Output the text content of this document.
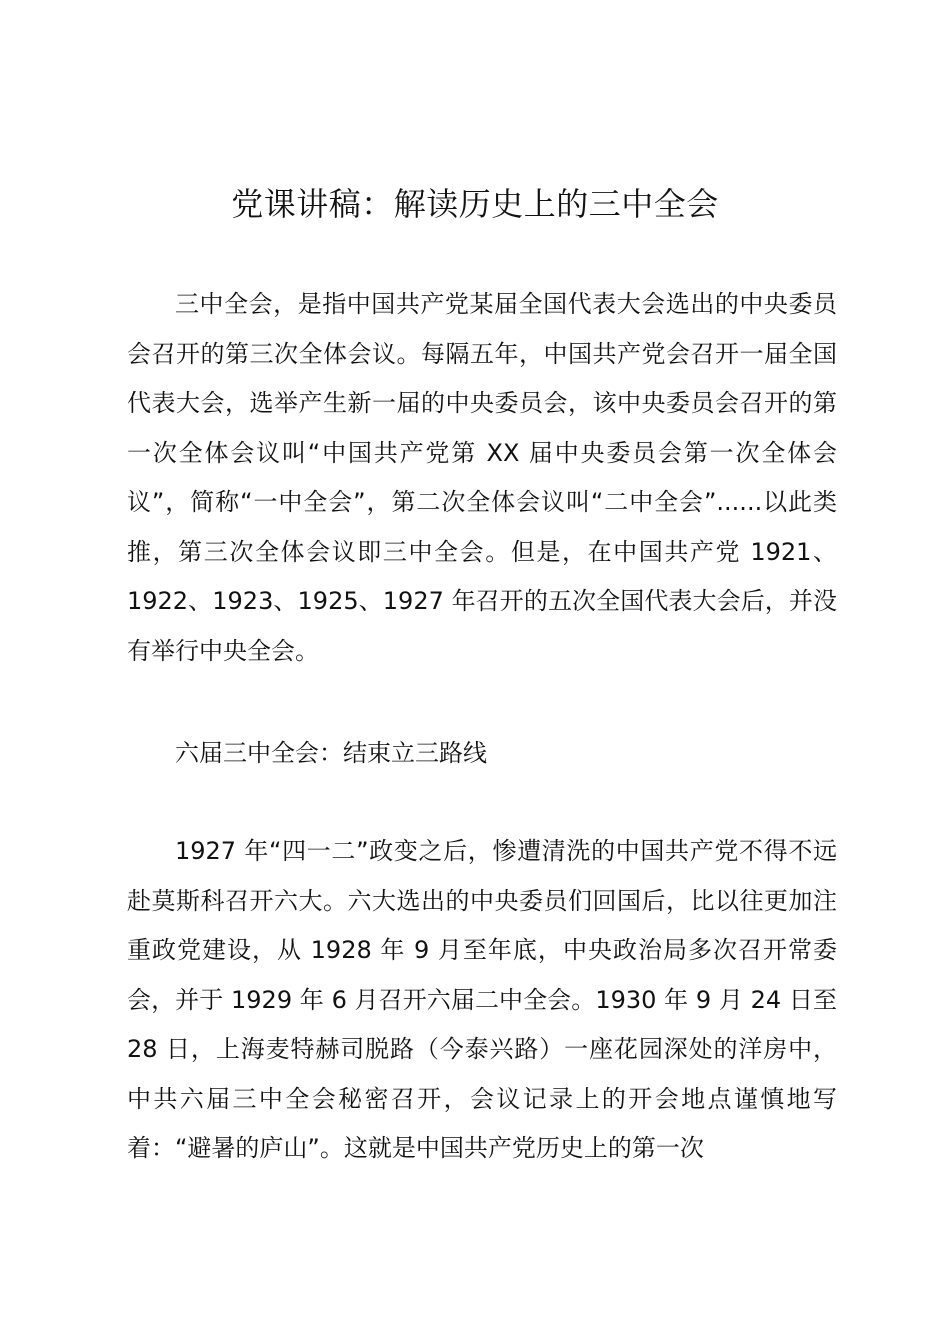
党课讲稿：解读历史上的三中全会

三中全会，是指中国共产党某届全国代表大会选出的中央委员会召开的第三次全体会议。每隔五年，中国共产党会召开一届全国代表大会，选举产生新一届的中央委员会，该中央委员会召开的第一次全体会议叫“中国共产党第 XX 届中央委员会第一次全体会议”，简称“一中全会”，第二次全体会议叫“二中全会”......以此类推，第三次全体会议即三中全会。但是，在中国共产党 1921、1922、1923、1925、1927 年召开的五次全国代表大会后，并没有举行中央全会。

六届三中全会：结束立三路线

1927 年“四一二”政变之后，惨遭清洗的中国共产党不得不远赴莫斯科召开六大。六大选出的中央委员们回国后，比以往更加注重政党建设，从 1928 年 9 月至年底，中央政治局多次召开常委会，并于 1929 年 6 月召开六届二中全会。1930 年 9 月 24 日至 28 日，上海麦特赫司脱路（今泰兴路）一座花园深处的洋房中，中共六届三中全会秘密召开，会议记录上的开会地点谨慎地写着：“避暑的庐山”。这就是中国共产党历史上的第一次
